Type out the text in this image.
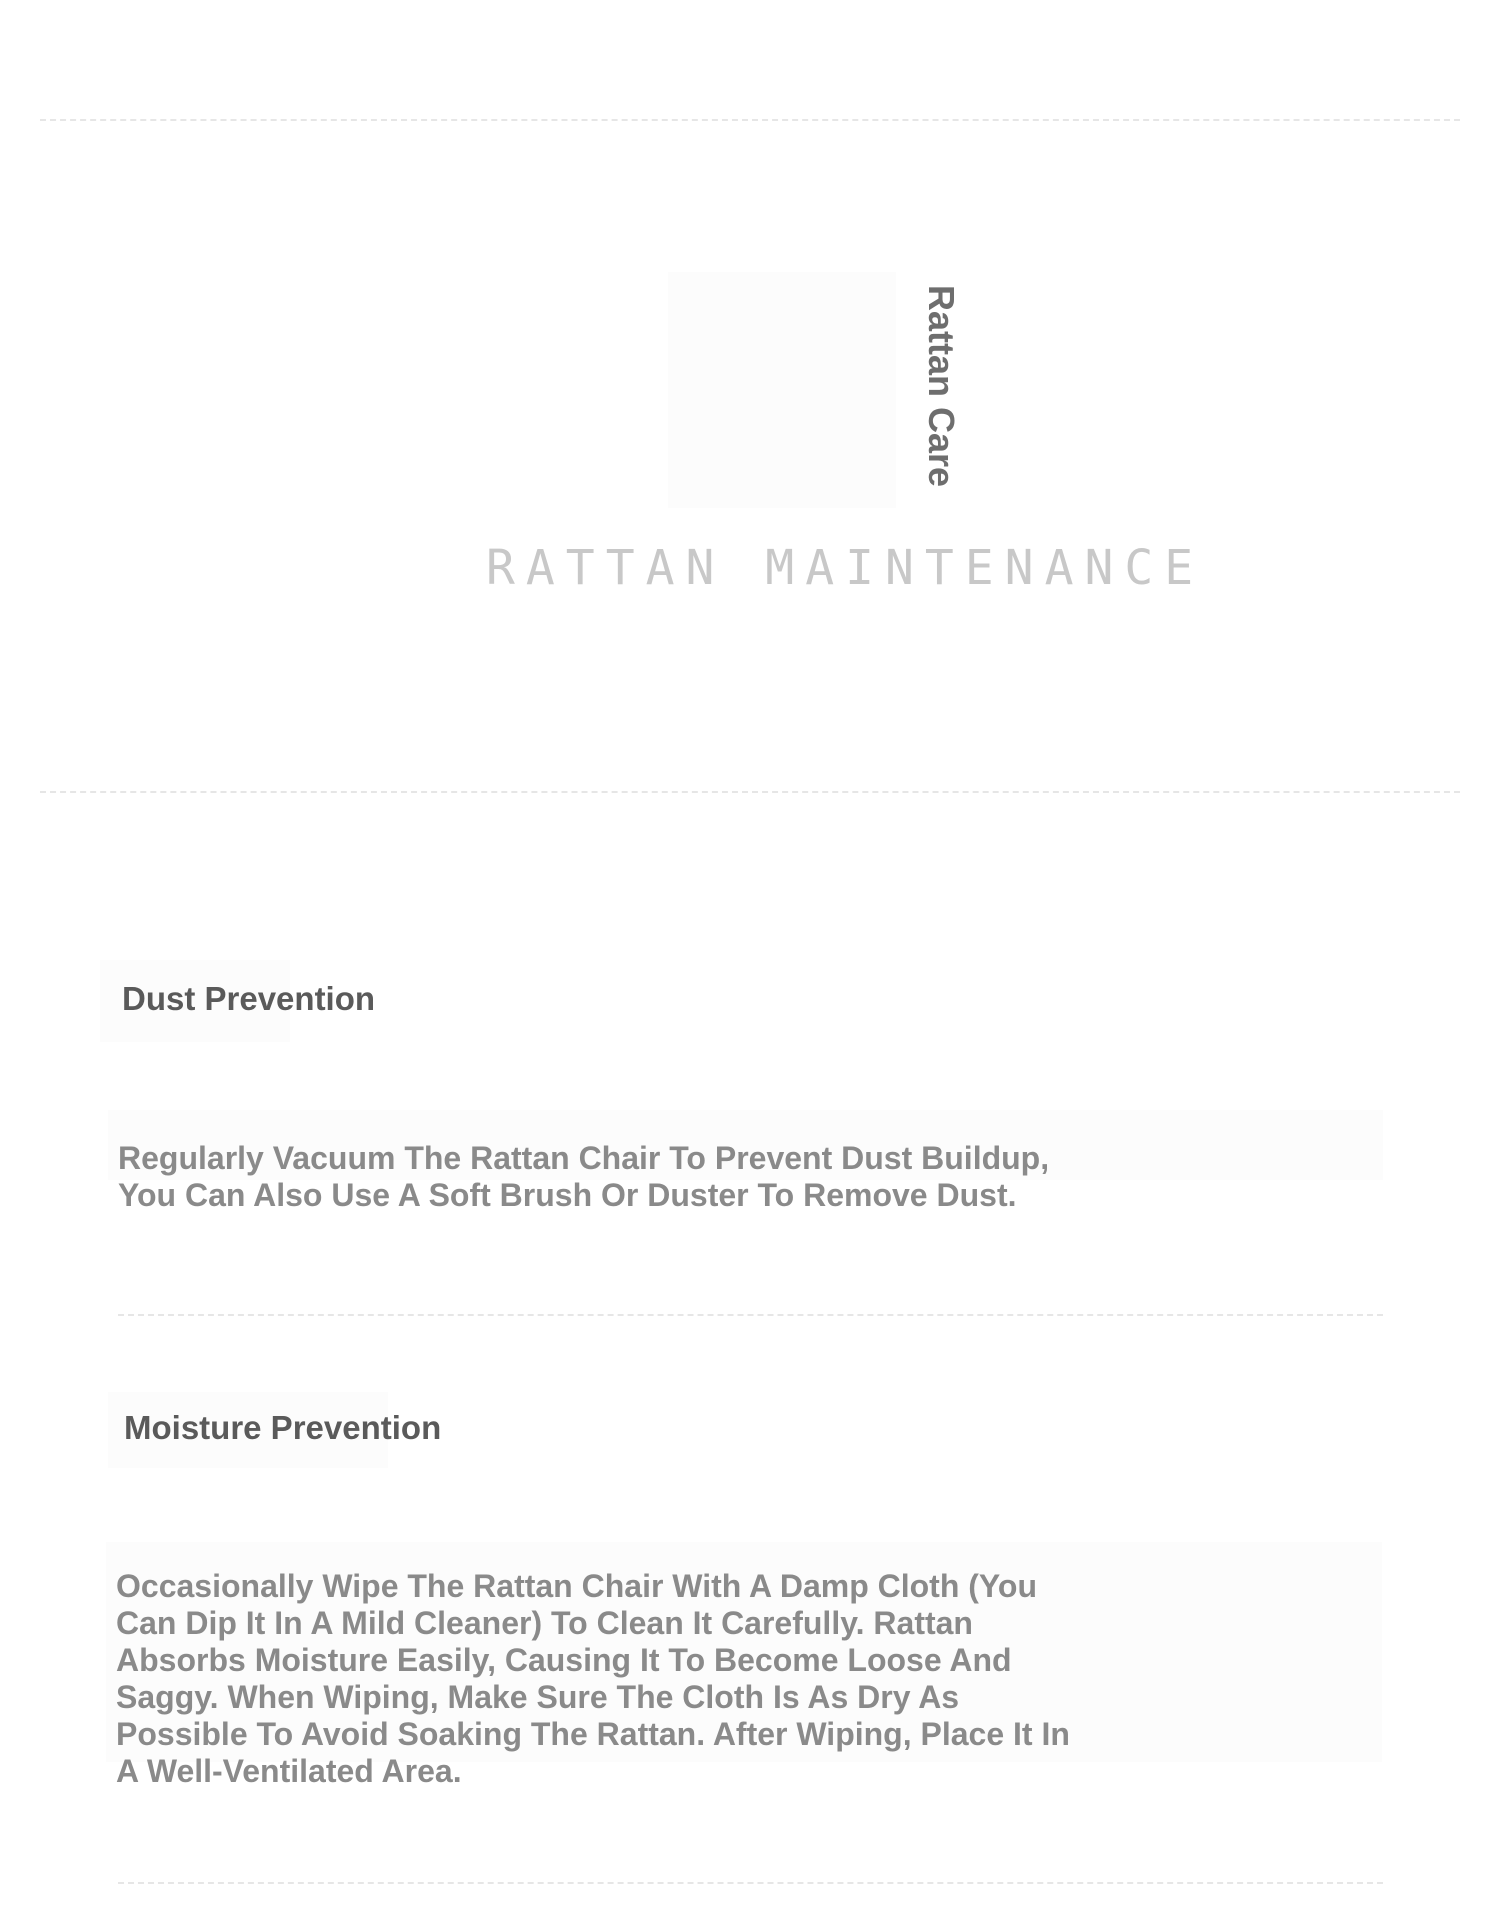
Rattan Care
RATTAN MAINTENANCE
Dust Prevention
Regularly Vacuum The Rattan Chair To Prevent Dust Buildup, You Can Also Use A Soft Brush Or Duster To Remove Dust.
Moisture Prevention
Occasionally Wipe The Rattan Chair With A Damp Cloth (You Can Dip It In A Mild Cleaner) To Clean It Carefully. Rattan Absorbs Moisture Easily, Causing It To Become Loose And Saggy. When Wiping, Make Sure The Cloth Is As Dry As Possible To Avoid Soaking The Rattan. After Wiping, Place It In A Well-Ventilated Area.
